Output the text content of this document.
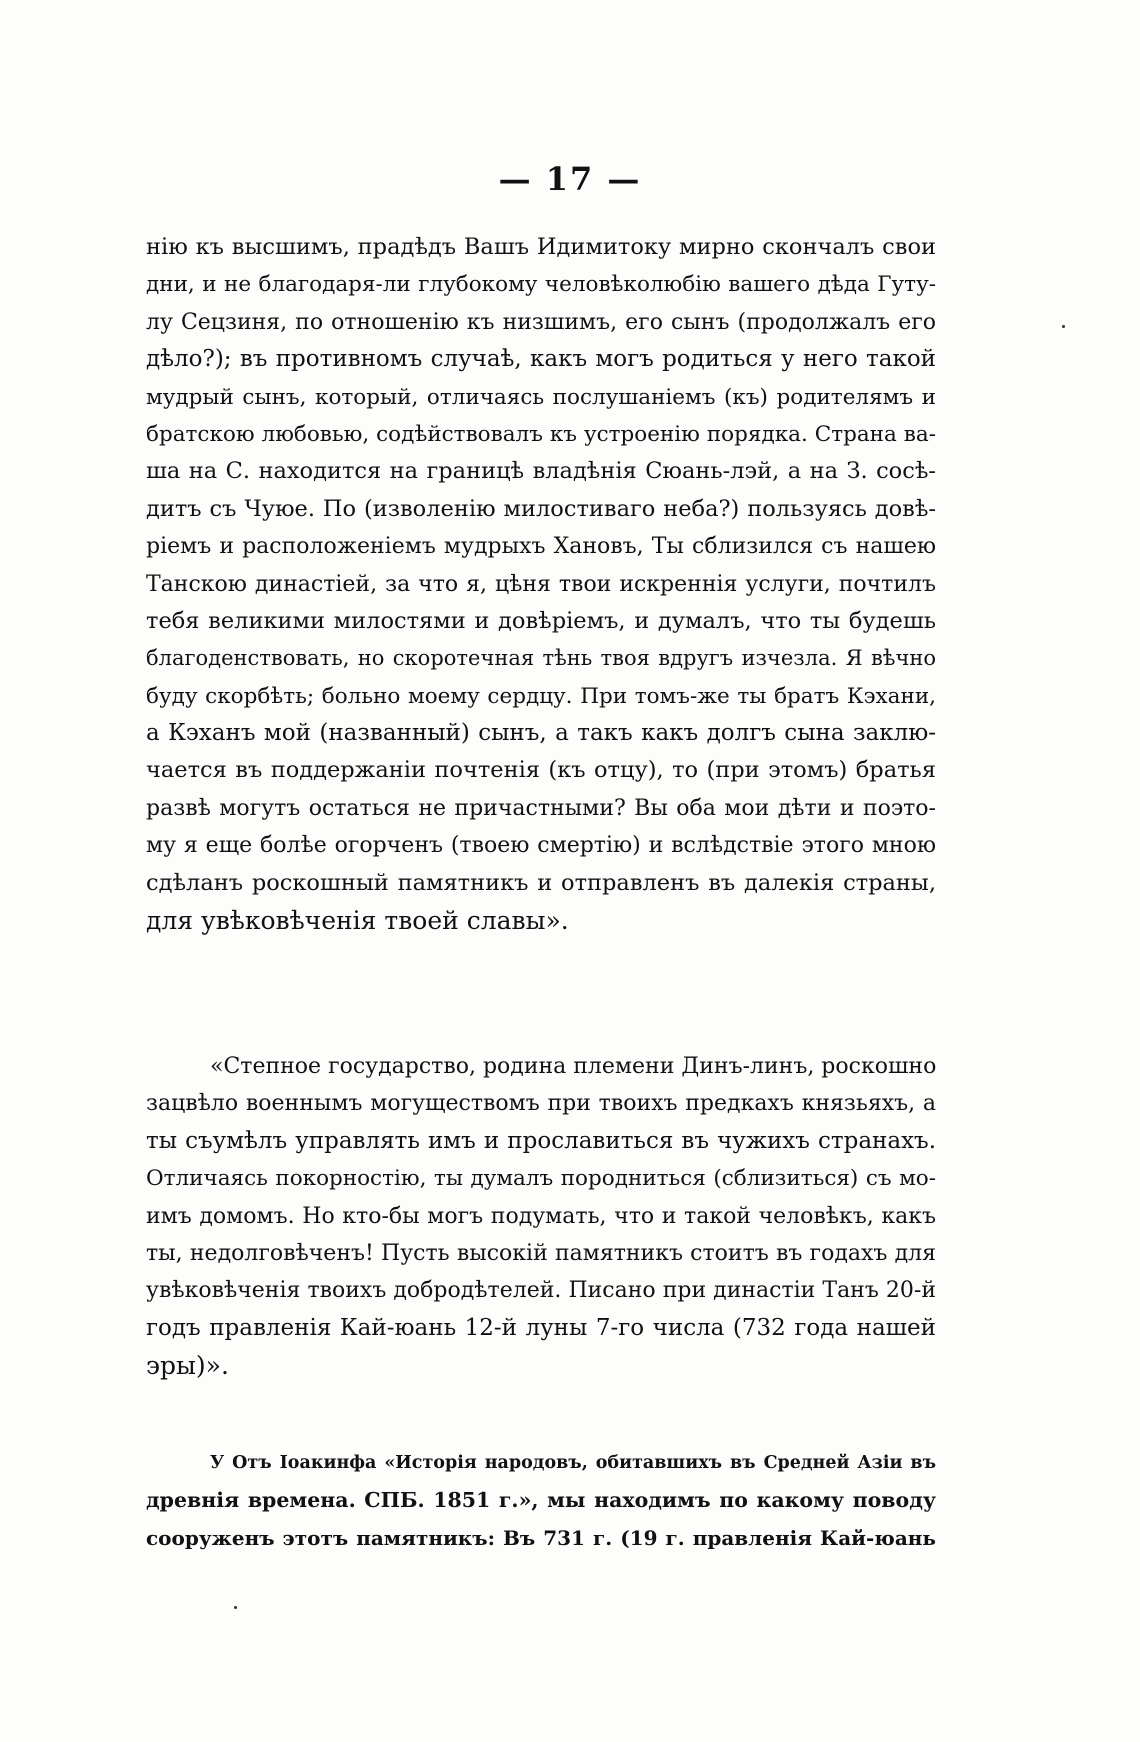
— 17 —
нію къ высшимъ, прадѣдъ Вашъ Идимитоку мирно скончалъ свои
дни, и не благодаря-ли глубокому человѣколюбію вашего дѣда Гуту-
лу Сецзиня, по отношенію къ низшимъ, его сынъ (продолжалъ его
дѣло?); въ противномъ случаѣ, какъ могъ родиться у него такой
мудрый сынъ, который, отличаясь послушаніемъ (къ) родителямъ и
братскою любовью, содѣйствовалъ къ устроенію порядка. Страна ва-
ша на С. находится на границѣ владѣнія Сюань-лэй, а на З. сосѣ-
дитъ съ Чуюе. По (изволенію милостиваго неба?) пользуясь довѣ-
ріемъ и расположеніемъ мудрыхъ Хановъ, Ты сблизился съ нашею
Танскою династіей, за что я, цѣня твои искреннія услуги, почтилъ
тебя великими милостями и довѣріемъ, и думалъ, что ты будешь
благоденствовать, но скоротечная тѣнь твоя вдругъ изчезла. Я вѣчно
буду скорбѣть; больно моему сердцу. При томъ-же ты братъ Кэхани,
а Кэханъ мой (названный) сынъ, а такъ какъ долгъ сына заклю-
чается въ поддержаніи почтенія (къ отцу), то (при этомъ) братья
развѣ могутъ остаться не причастными? Вы оба мои дѣти и поэто-
му я еще болѣе огорченъ (твоею смертію) и вслѣдствіе этого мною
сдѣланъ роскошный памятникъ и отправленъ въ далекія страны,
для увѣковѣченія твоей славы».
«Степное государство, родина племени Динъ-линъ, роскошно
зацвѣло военнымъ могуществомъ при твоихъ предкахъ князьяхъ, а
ты съумѣлъ управлять имъ и прославиться въ чужихъ странахъ.
Отличаясь покорностію, ты думалъ породниться (сблизиться) съ мо-
имъ домомъ. Но кто-бы могъ подумать, что и такой человѣкъ, какъ
ты, недолговѣченъ! Пусть высокій памятникъ стоитъ въ годахъ для
увѣковѣченія твоихъ добродѣтелей. Писано при династіи Танъ 20-й
годъ правленія Кай-юань 12-й луны 7-го числа (732 года нашей
эры)».
У Отъ Іоакинфа «Исторія народовъ, обитавшихъ въ Средней Азіи въ
древнія времена. СПБ. 1851 г.», мы находимъ по какому поводу
сооруженъ этотъ памятникъ: Въ 731 г. (19 г. правленія Кай-юань
